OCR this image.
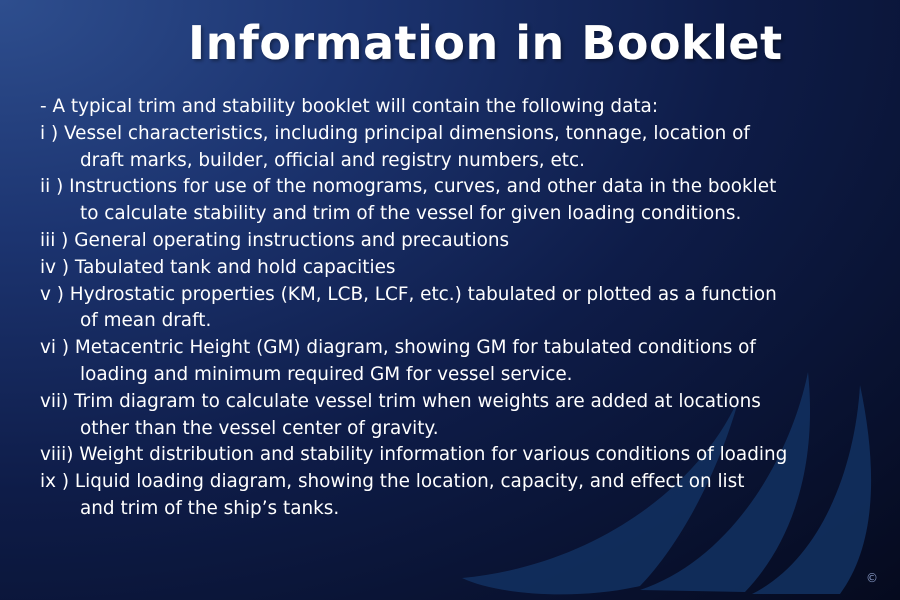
Information in Booklet
- A typical trim and stability booklet will contain the following data:
i ) Vessel characteristics, including principal dimensions, tonnage, location of
draft marks, builder, official and registry numbers, etc.
ii ) Instructions for use of the nomograms, curves, and other data in the booklet
to calculate stability and trim of the vessel for given loading conditions.
iii ) General operating instructions and precautions
iv ) Tabulated tank and hold capacities
v ) Hydrostatic properties (KM, LCB, LCF, etc.) tabulated or plotted as a function
of mean draft.
vi ) Metacentric Height (GM) diagram, showing GM for tabulated conditions of
loading and minimum required GM for vessel service.
vii) Trim diagram to calculate vessel trim when weights are added at locations
other than the vessel center of gravity.
viii) Weight distribution and stability information for various conditions of loading
ix ) Liquid loading diagram, showing the location, capacity, and effect on list
and trim of the ship’s tanks.
©
